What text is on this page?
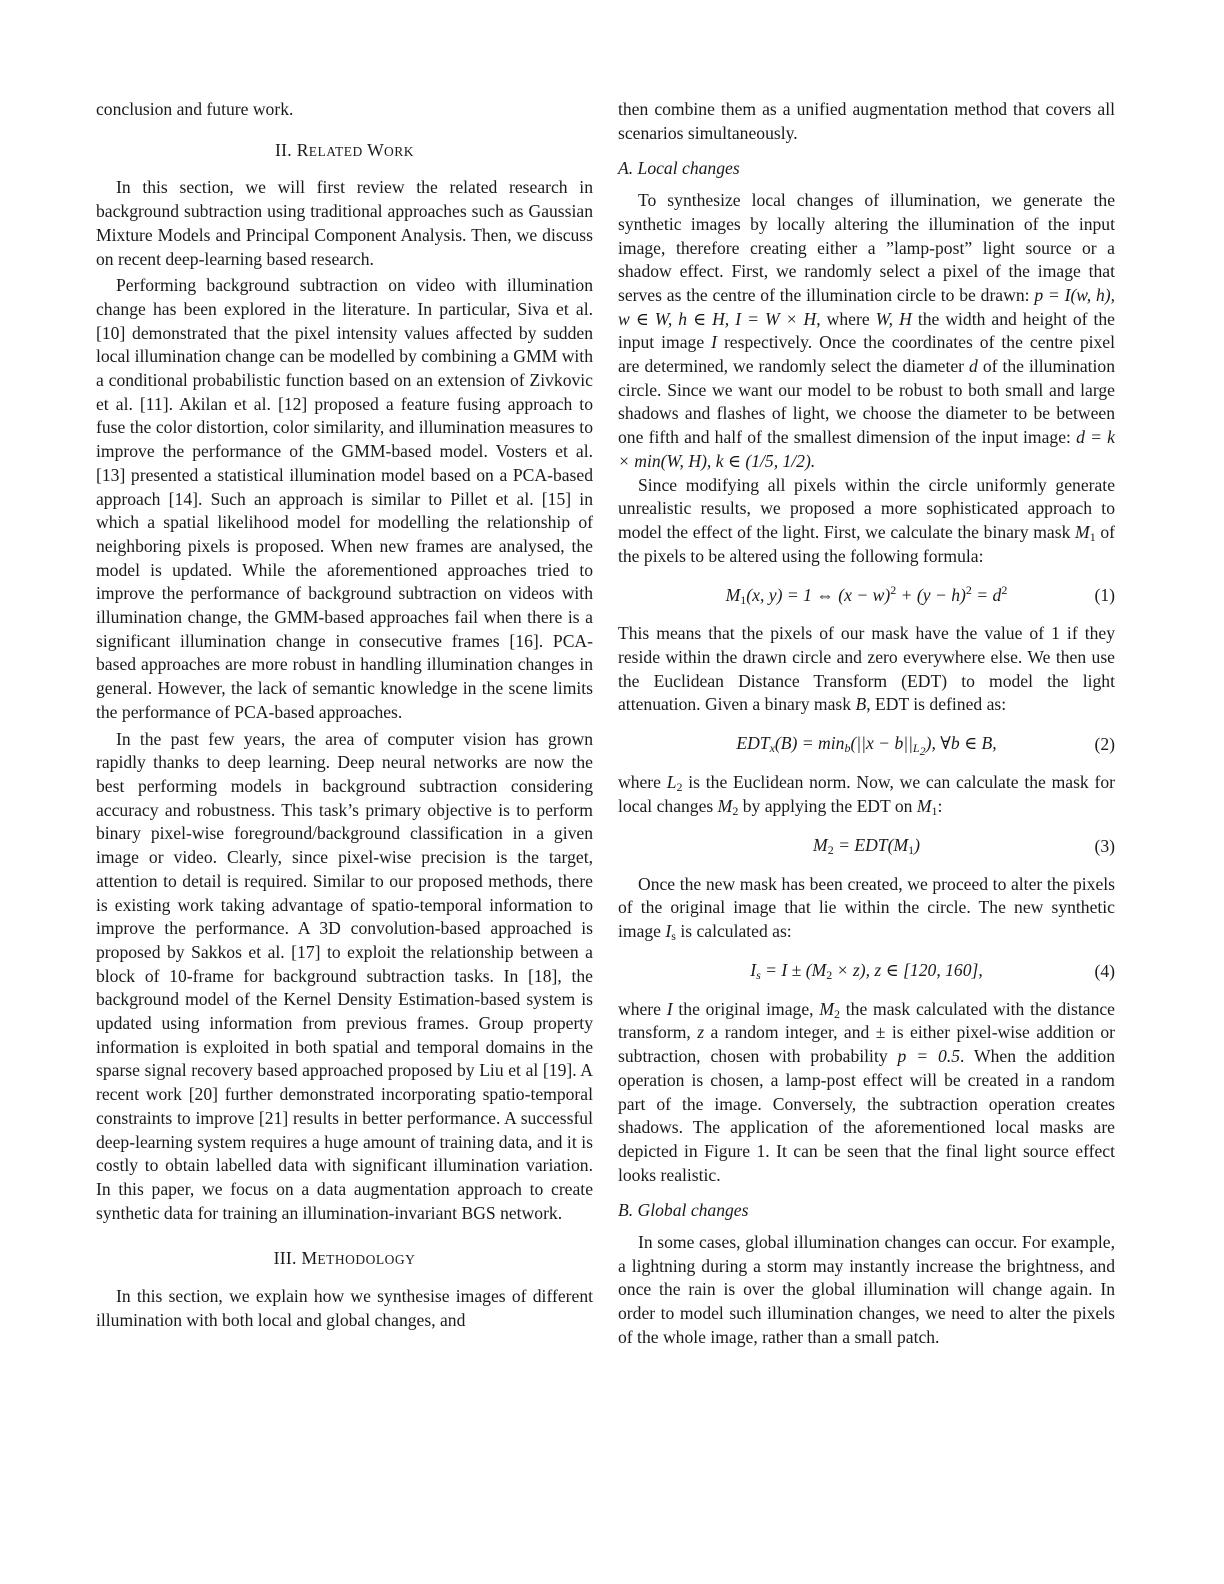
conclusion and future work.

II. RELATED WORK

In this section, we will first review the related research in background subtraction using traditional approaches such as Gaussian Mixture Models and Principal Component Analysis. Then, we discuss on recent deep-learning based research.

Performing background subtraction on video with illumination change has been explored in the literature. In particular, Siva et al. [10] demonstrated that the pixel intensity values affected by sudden local illumination change can be modelled by combining a GMM with a conditional probabilistic function based on an extension of Zivkovic et al. [11]. Akilan et al. [12] proposed a feature fusing approach to fuse the color distortion, color similarity, and illumination measures to improve the performance of the GMM-based model. Vosters et al. [13] presented a statistical illumination model based on a PCA-based approach [14]. Such an approach is similar to Pillet et al. [15] in which a spatial likelihood model for modelling the relationship of neighboring pixels is proposed. When new frames are analysed, the model is updated. While the aforementioned approaches tried to improve the performance of background subtraction on videos with illumination change, the GMM-based approaches fail when there is a significant illumination change in consecutive frames [16]. PCA-based approaches are more robust in handling illumination changes in general. However, the lack of semantic knowledge in the scene limits the performance of PCA-based approaches.

In the past few years, the area of computer vision has grown rapidly thanks to deep learning. Deep neural networks are now the best performing models in background subtraction considering accuracy and robustness. This task’s primary objective is to perform binary pixel-wise foreground/background classification in a given image or video. Clearly, since pixel-wise precision is the target, attention to detail is required. Similar to our proposed methods, there is existing work taking advantage of spatio-temporal information to improve the performance. A 3D convolution-based approached is proposed by Sakkos et al. [17] to exploit the relationship between a block of 10-frame for background subtraction tasks. In [18], the background model of the Kernel Density Estimation-based system is updated using information from previous frames. Group property information is exploited in both spatial and temporal domains in the sparse signal recovery based approached proposed by Liu et al [19]. A recent work [20] further demonstrated incorporating spatio-temporal constraints to improve [21] results in better performance. A successful deep-learning system requires a huge amount of training data, and it is costly to obtain labelled data with significant illumination variation. In this paper, we focus on a data augmentation approach to create synthetic data for training an illumination-invariant BGS network.

III. METHODOLOGY

In this section, we explain how we synthesise images of different illumination with both local and global changes, and

then combine them as a unified augmentation method that covers all scenarios simultaneously.

A. Local changes

To synthesize local changes of illumination, we generate the synthetic images by locally altering the illumination of the input image, therefore creating either a ”lamp-post” light source or a shadow effect. First, we randomly select a pixel of the image that serves as the centre of the illumination circle to be drawn: p = I(w, h), w ∈ W, h ∈ H, I = W × H, where W, H the width and height of the input image I respectively. Once the coordinates of the centre pixel are determined, we randomly select the diameter d of the illumination circle. Since we want our model to be robust to both small and large shadows and flashes of light, we choose the diameter to be between one fifth and half of the smallest dimension of the input image: d = k × min(W, H), k ∈ (1/5, 1/2).

Since modifying all pixels within the circle uniformly generate unrealistic results, we proposed a more sophisticated approach to model the effect of the light. First, we calculate the binary mask $M_1$ of the pixels to be altered using the following formula:

$M_1(x$, y) = 1 ⇔ $(x - w)^2 + (y - h)^2 = d^2$	(1)

This means that the pixels of our mask have the value of 1 if they reside within the drawn circle and zero everywhere else. We then use the Euclidean Distance Transform (EDT) to model the light attenuation. Given a binary mask B, EDT is defined as:

$EDT_x(B) = \min_b(||x - b||_{L_2})$, ∀b ∈ B,	(2)

where $L_2$ is the Euclidean norm. Now, we can calculate the mask for local changes $M_2$ by applying the EDT on $M_1$:

$M_2 = EDT(M_1)$	(3)

Once the new mask has been created, we proceed to alter the pixels of the original image that lie within the circle. The new synthetic image $I_s$ is calculated as:

$I_s = I \pm (M_2 \times z)$, z ∈ [120, 160],	(4)

where I the original image, $M_2$ the mask calculated with the distance transform, z a random integer, and ± is either pixel-wise addition or subtraction, chosen with probability p = 0.5. When the addition operation is chosen, a lamp-post effect will be created in a random part of the image. Conversely, the subtraction operation creates shadows. The application of the aforementioned local masks are depicted in Figure 1. It can be seen that the final light source effect looks realistic.

B. Global changes

In some cases, global illumination changes can occur. For example, a lightning during a storm may instantly increase the brightness, and once the rain is over the global illumination will change again. In order to model such illumination changes, we need to alter the pixels of the whole image, rather than a small patch.
